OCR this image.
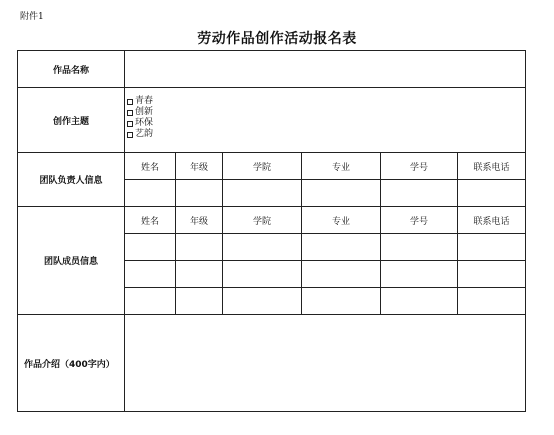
附件1
劳动作品创作活动报名表
作品名称						
创作主题	青春
创新
环保
艺韵					

团队负责人信息	姓名	年级	学院	专业	学号	联系电话

团队成员信息	姓名	年级	学院	专业	学号	联系电话

作品介绍（400字内）						
